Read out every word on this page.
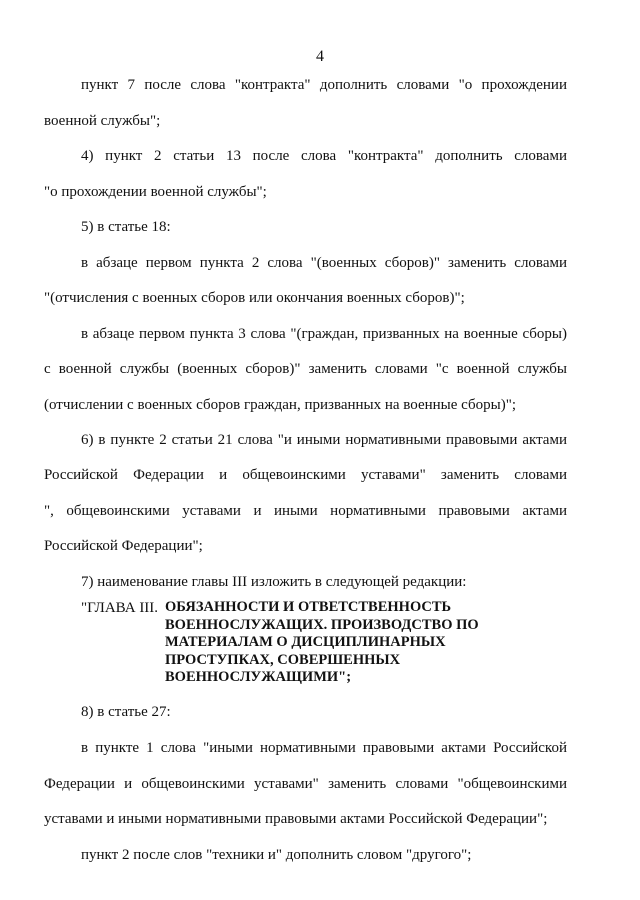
4
пункт 7 после слова "контракта" дополнить словами "о прохождении
военной службы";
4) пункт 2 статьи 13 после слова "контракта" дополнить словами
"о прохождении военной службы";
5) в статье 18:
в абзаце первом пункта 2 слова "(военных сборов)" заменить словами
"(отчисления с военных сборов или окончания военных сборов)";
в абзаце первом пункта 3 слова "(граждан, призванных на военные сборы)
с военной службы (военных сборов)" заменить словами "с военной службы
(отчислении с военных сборов граждан, призванных на военные сборы)";
6) в пункте 2 статьи 21 слова "и иными нормативными правовыми актами
Российской Федерации и общевоинскими уставами" заменить словами
", общевоинскими уставами и иными нормативными правовыми актами
Российской Федерации";
7) наименование главы III изложить в следующей редакции:
"ГЛАВА III. ОБЯЗАННОСТИ И ОТВЕТСТВЕННОСТЬ
ВОЕННОСЛУЖАЩИХ. ПРОИЗВОДСТВО ПО
МАТЕРИАЛАМ О ДИСЦИПЛИНАРНЫХ
ПРОСТУПКАХ, СОВЕРШЕННЫХ
ВОЕННОСЛУЖАЩИМИ";
8) в статье 27:
в пункте 1 слова "иными нормативными правовыми актами Российской
Федерации и общевоинскими уставами" заменить словами "общевоинскими
уставами и иными нормативными правовыми актами Российской Федерации";
пункт 2 после слов "техники и" дополнить словом "другого";
